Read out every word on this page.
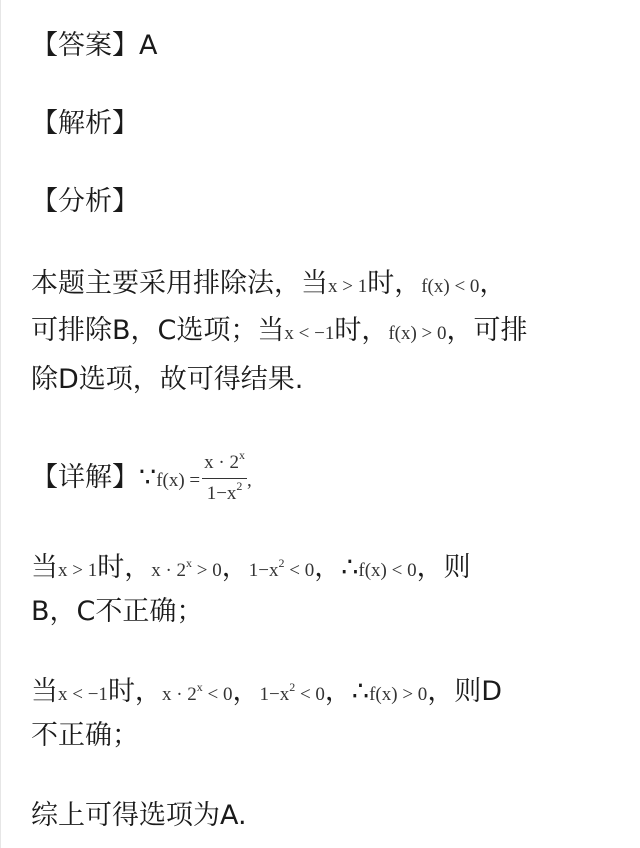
【答案】A
【解析】
【分析】
本题主要采用排除法，当x > 1时，f(x) < 0，
可排除B，C选项；当x < −1时，f(x) > 0，可排
除D选项，故可得结果.
【详解】∵f(x) = $\frac{x \cdot 2^x}{1-x^2}$ ,
当x > 1时，$x \cdot 2^x > 0$，$1-x^2 < 0$，∴f(x) < 0，则
B，C不正确；
当x < −1时，$x \cdot 2^x < 0$，$1-x^2 < 0$，∴f(x) > 0，则D
不正确；
综上可得选项为A.
